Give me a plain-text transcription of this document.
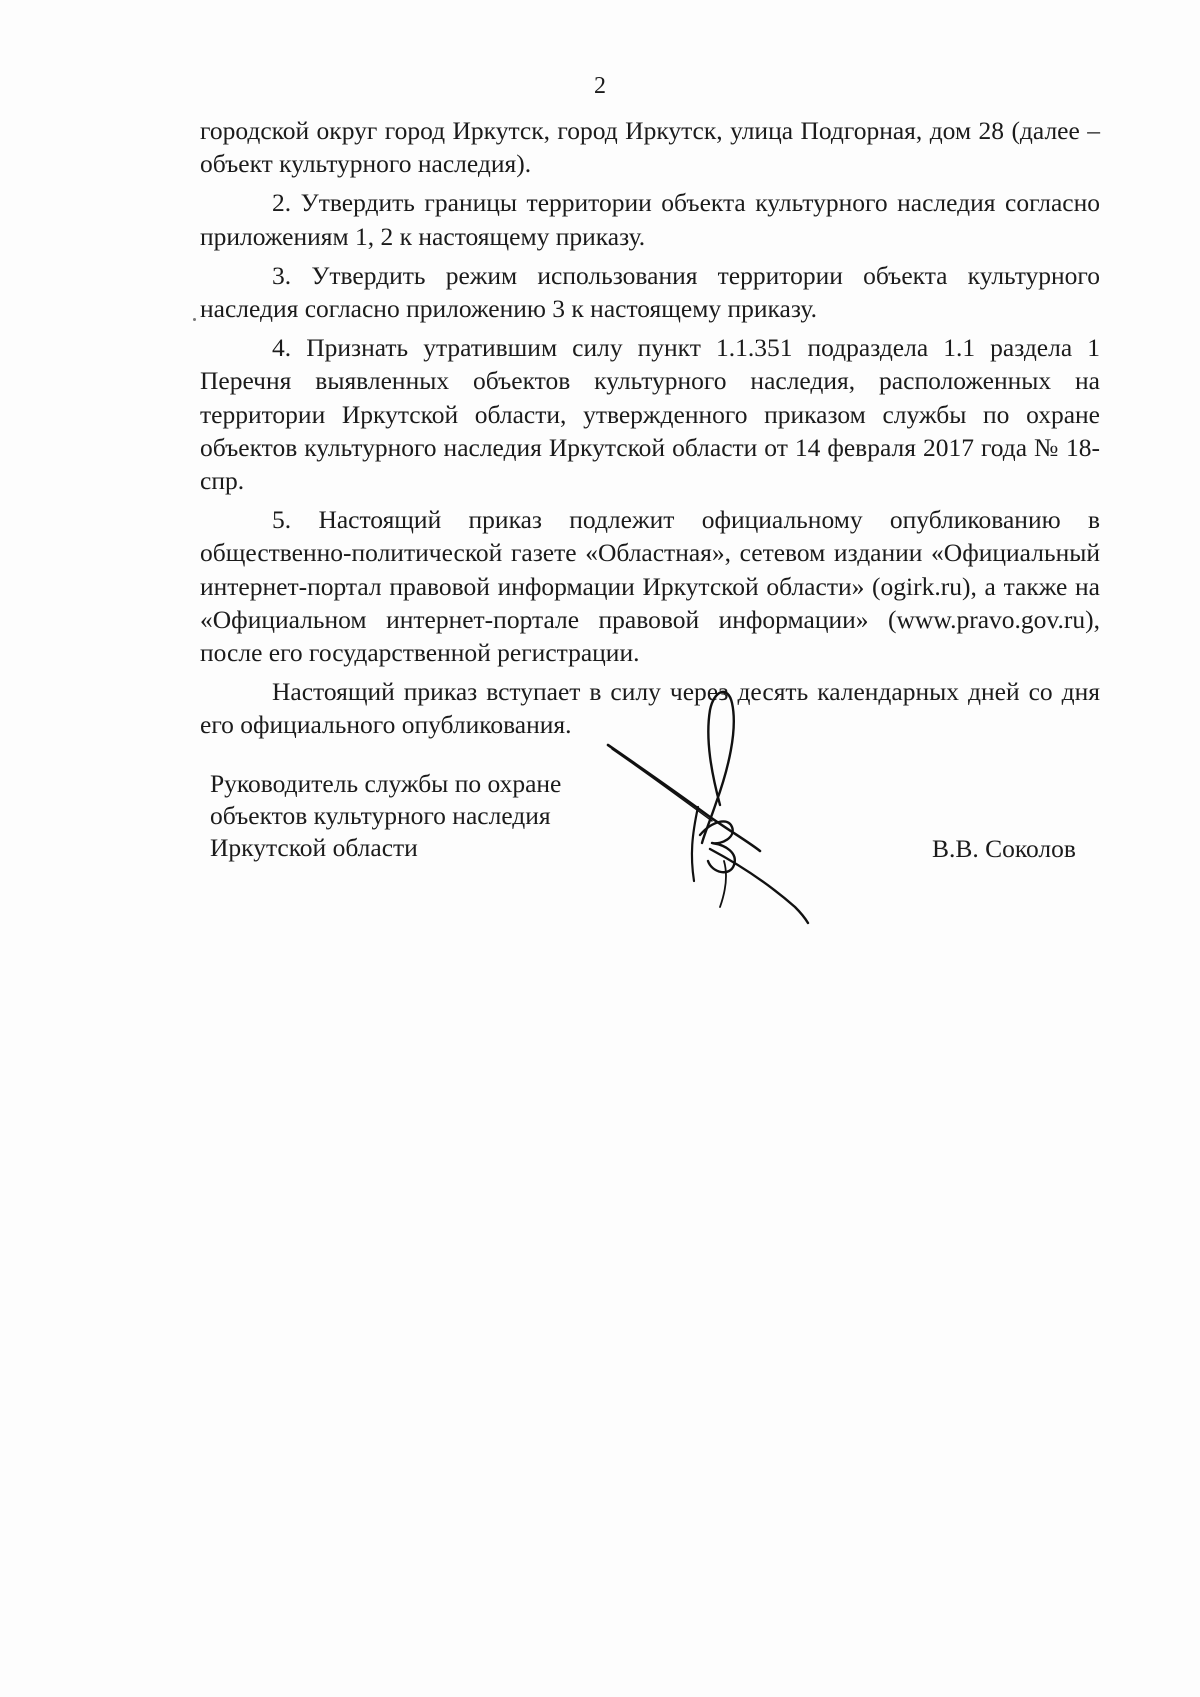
2

городской округ город Иркутск, город Иркутск, улица Подгорная, дом 28 (далее – объект культурного наследия).

2. Утвердить границы территории объекта культурного наследия согласно приложениям 1, 2 к настоящему приказу.

3. Утвердить режим использования территории объекта культурного наследия согласно приложению 3 к настоящему приказу.

4. Признать утратившим силу пункт 1.1.351 подраздела 1.1 раздела 1 Перечня выявленных объектов культурного наследия, расположенных на территории Иркутской области, утвержденного приказом службы по охране объектов культурного наследия Иркутской области от 14 февраля 2017 года № 18-спр.

5. Настоящий приказ подлежит официальному опубликованию в общественно-политической газете «Областная», сетевом издании «Официальный интернет-портал правовой информации Иркутской области» (ogirk.ru), а также на «Официальном интернет-портале правовой информации» (www.pravo.gov.ru), после его государственной регистрации.

Настоящий приказ вступает в силу через десять календарных дней со дня его официального опубликования.

Руководитель службы по охране
объектов культурного наследия
Иркутской области	В.В. Соколов
